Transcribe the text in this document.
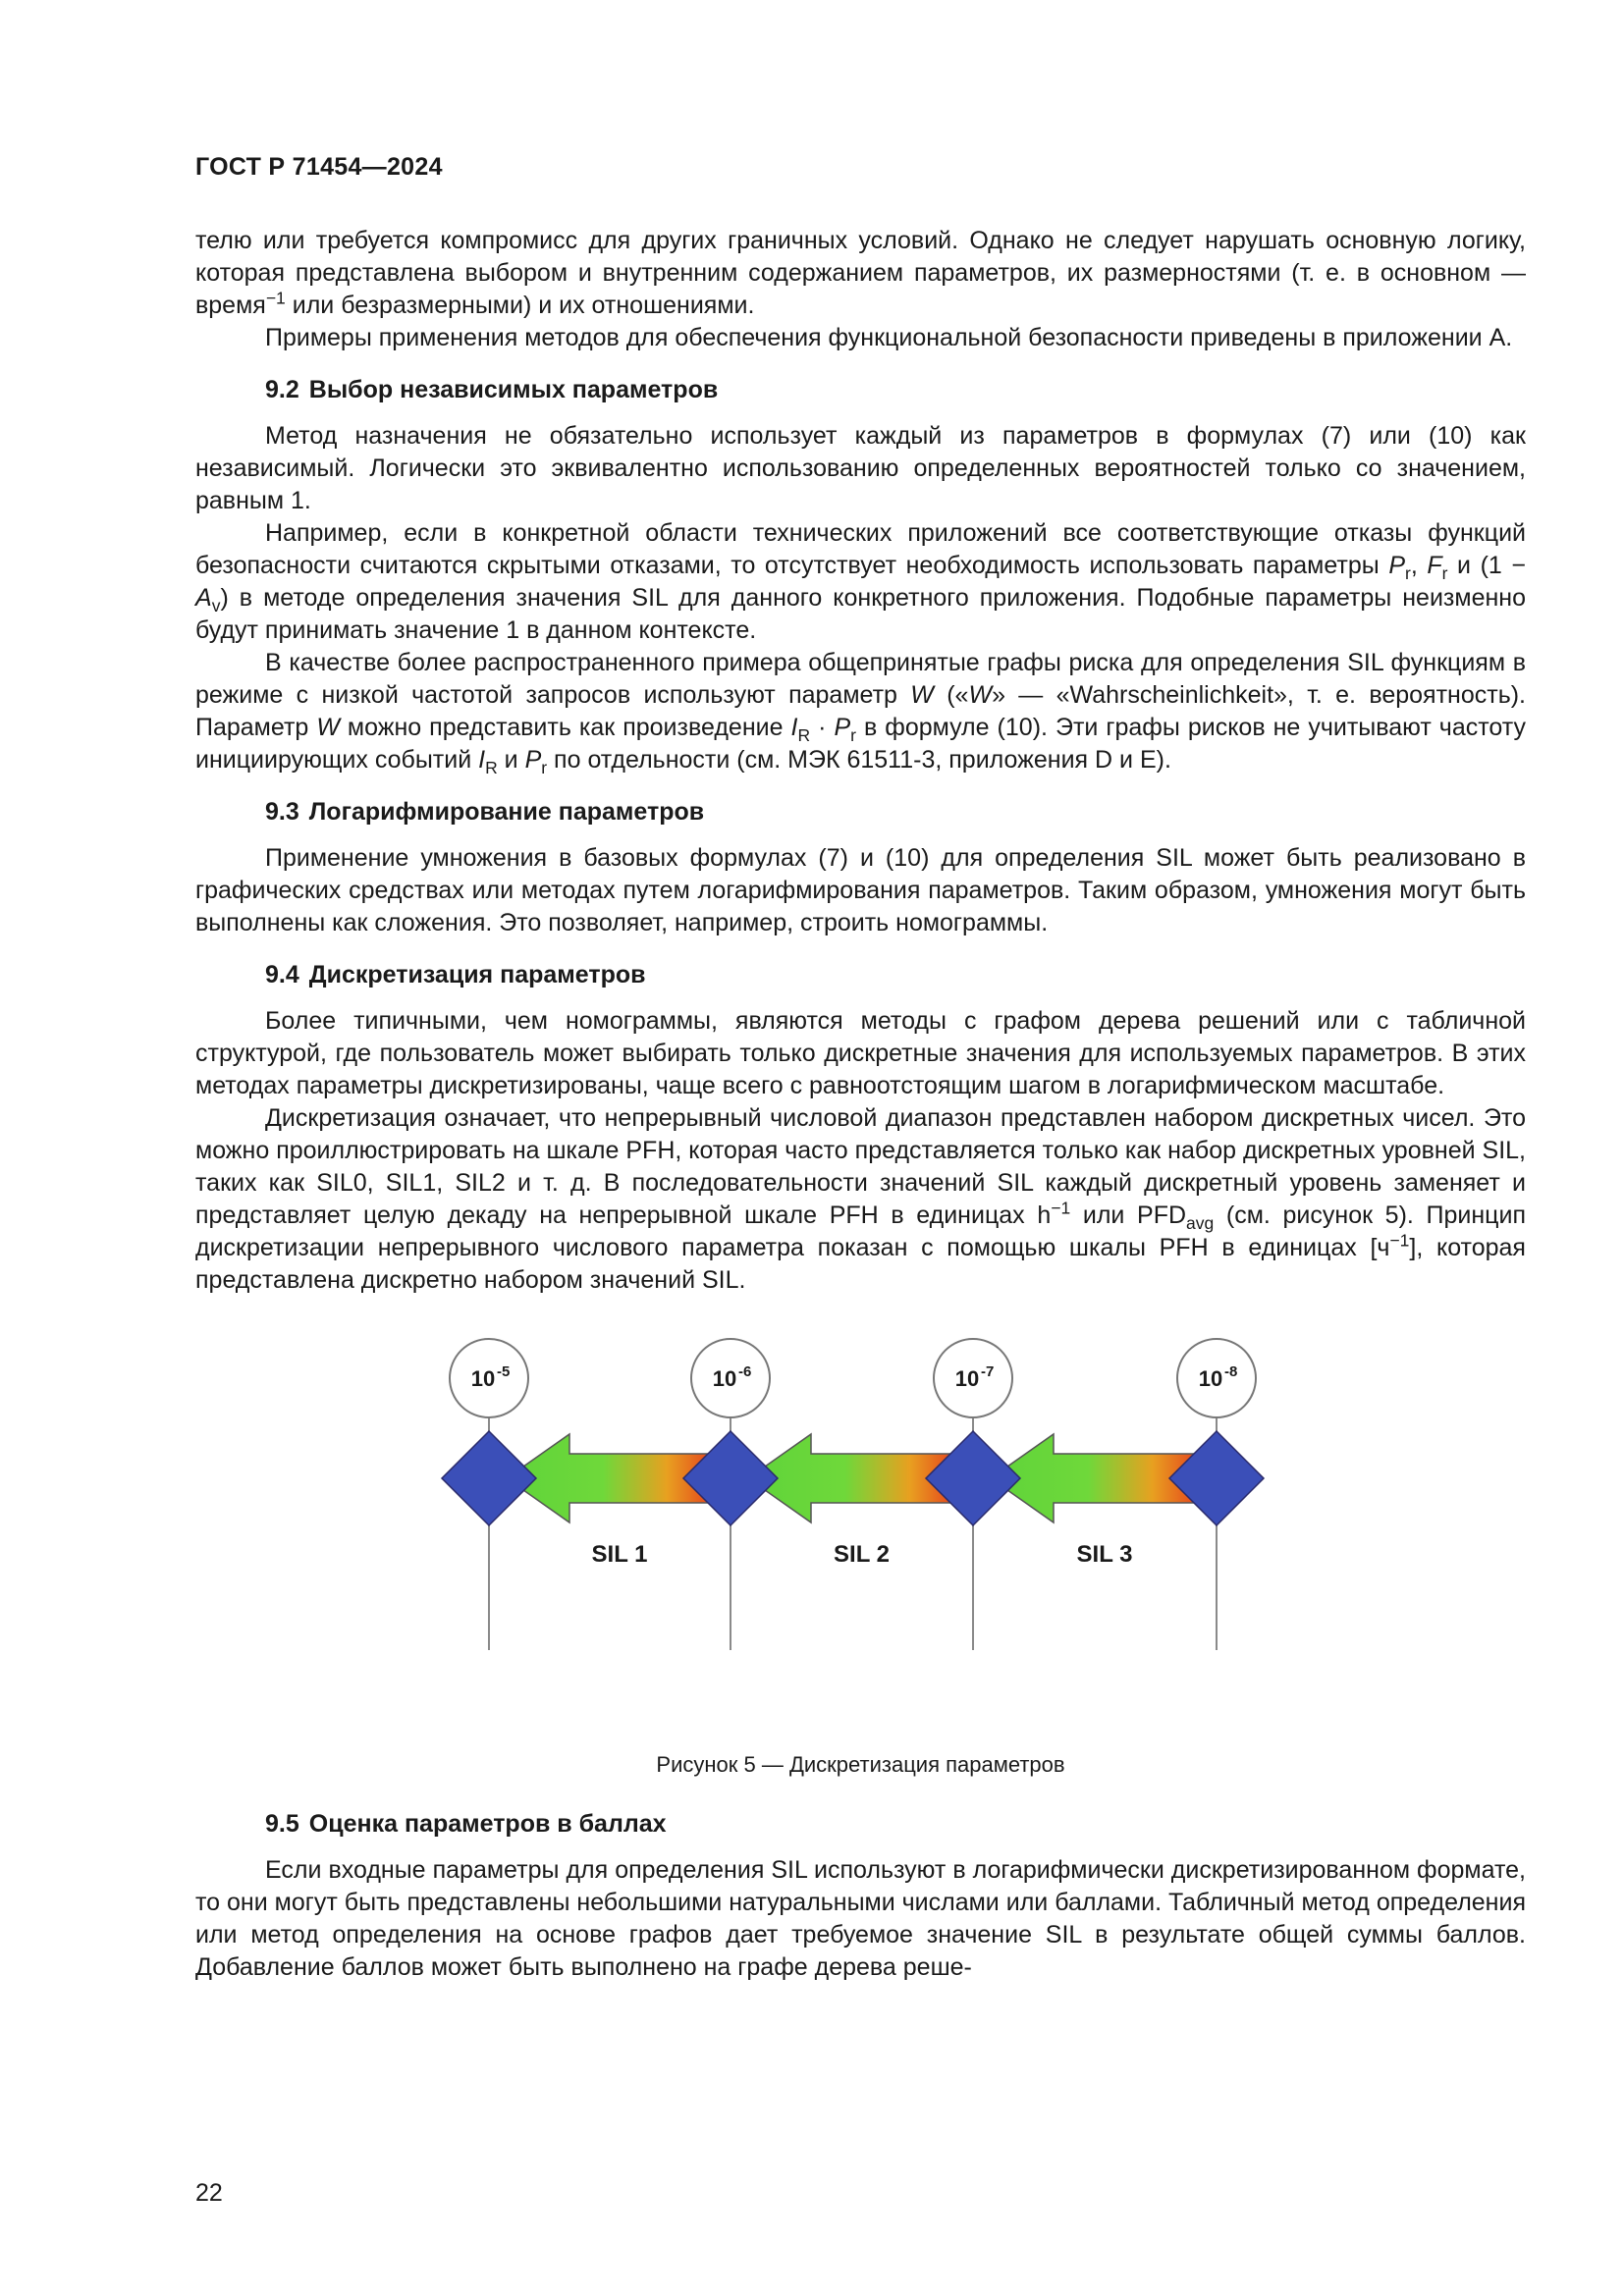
ГОСТ Р 71454—2024

телю или требуется компромисс для других граничных условий. Однако не следует нарушать основную логику, которая представлена выбором и внутренним содержанием параметров, их размерностями (т. е. в основном — время$^{-1}$ или безразмерными) и их отношениями.

Примеры применения методов для обеспечения функциональной безопасности приведены в приложении А.

9.2 Выбор независимых параметров

Метод назначения не обязательно использует каждый из параметров в формулах (7) или (10) как независимый. Логически это эквивалентно использованию определенных вероятностей только со значением, равным 1.

Например, если в конкретной области технических приложений все соответствующие отказы функций безопасности считаются скрытыми отказами, то отсутствует необходимость использовать параметры $P_r$, $F_r$ и $(1 - A_v)$ в методе определения значения SIL для данного конкретного приложения. Подобные параметры неизменно будут принимать значение 1 в данном контексте.

В качестве более распространенного примера общепринятые графы риска для определения SIL функциям в режиме с низкой частотой запросов используют параметр W («W» — «Wahrscheinlichkeit», т. е. вероятность). Параметр W можно представить как произведение $I_R \cdot P_r$ в формуле (10). Эти графы рисков не учитывают частоту инициирующих событий $I_R$ и $P_r$ по отдельности (см. МЭК 61511-3, приложения D и E).

9.3 Логарифмирование параметров

Применение умножения в базовых формулах (7) и (10) для определения SIL может быть реализовано в графических средствах или методах путем логарифмирования параметров. Таким образом, умножения могут быть выполнены как сложения. Это позволяет, например, строить номограммы.

9.4 Дискретизация параметров

Более типичными, чем номограммы, являются методы с графом дерева решений или с табличной структурой, где пользователь может выбирать только дискретные значения для используемых параметров. В этих методах параметры дискретизированы, чаще всего с равноотстоящим шагом в логарифмическом масштабе.

Дискретизация означает, что непрерывный числовой диапазон представлен набором дискретных чисел. Это можно проиллюстрировать на шкале PFH, которая часто представляется только как набор дискретных уровней SIL, таких как SIL0, SIL1, SIL2 и т. д. В последовательности значений SIL каждый дискретный уровень заменяет и представляет целую декаду на непрерывной шкале PFH в единицах $h^{-1}$ или $PFD_{avg}$ (см. рисунок 5). Принцип дискретизации непрерывного числового параметра показан с помощью шкалы PFH в единицах $[ч^{-1}]$, которая представлена дискретно набором значений SIL.

SIL 1	SIL 2	SIL 3
10 -5	10 -6	10 -7	10 -8

Рисунок 5 — Дискретизация параметров

9.5 Оценка параметров в баллах

Если входные параметры для определения SIL используют в логарифмически дискретизированном формате, то они могут быть представлены небольшими натуральными числами или баллами. Табличный метод определения или метод определения на основе графов дает требуемое значение SIL в результате общей суммы баллов. Добавление баллов может быть выполнено на графе дерева реше-

22
